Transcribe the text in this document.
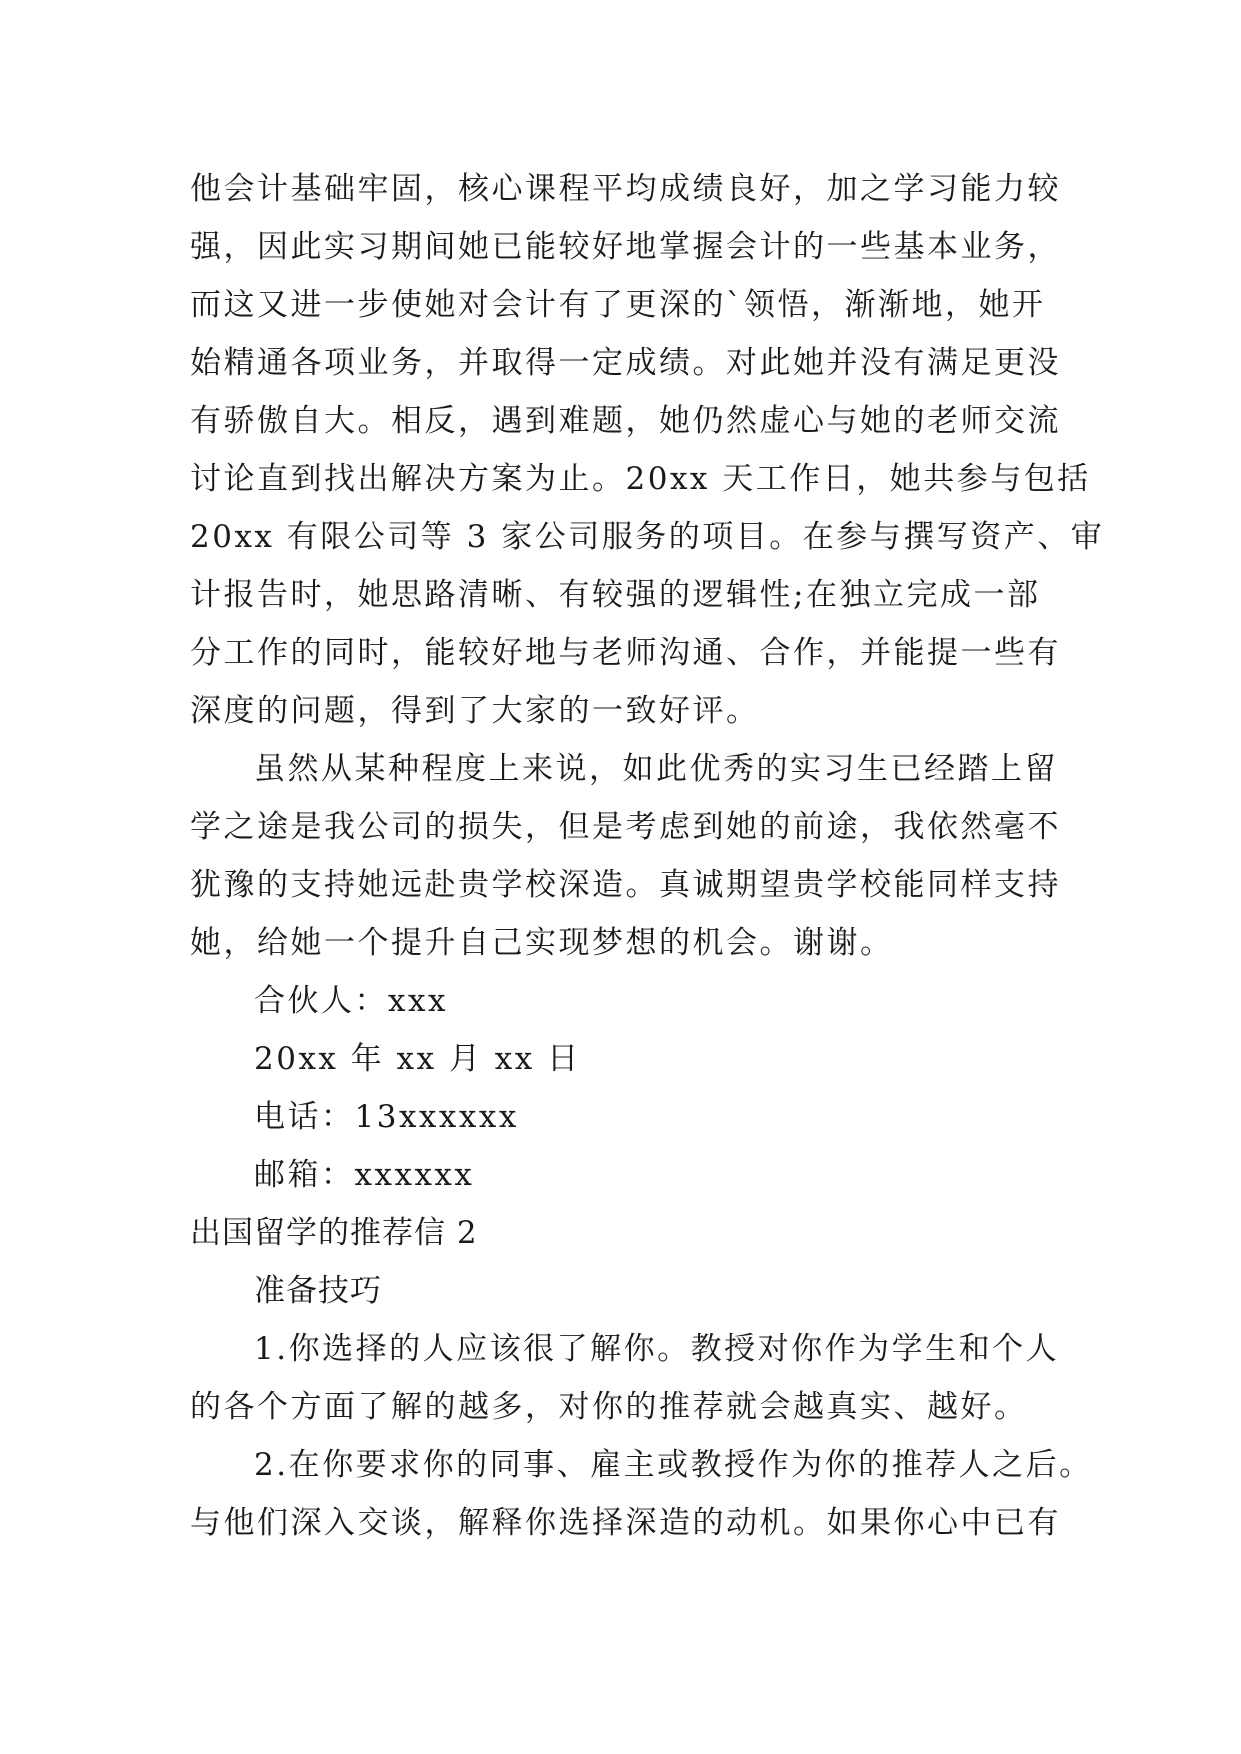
他会计基础牢固，核心课程平均成绩良好，加之学习能力较
强，因此实习期间她已能较好地掌握会计的一些基本业务，
而这又进一步使她对会计有了更深的`领悟，渐渐地，她开
始精通各项业务，并取得一定成绩。对此她并没有满足更没
有骄傲自大。相反，遇到难题，她仍然虚心与她的老师交流
讨论直到找出解决方案为止。20xx 天工作日，她共参与包括
20xx 有限公司等 3 家公司服务的项目。在参与撰写资产、审
计报告时，她思路清晰、有较强的逻辑性;在独立完成一部
分工作的同时，能较好地与老师沟通、合作，并能提一些有
深度的问题，得到了大家的一致好评。
虽然从某种程度上来说，如此优秀的实习生已经踏上留
学之途是我公司的损失，但是考虑到她的前途，我依然毫不
犹豫的支持她远赴贵学校深造。真诚期望贵学校能同样支持
她，给她一个提升自己实现梦想的机会。谢谢。
合伙人：xxx
20xx 年 xx 月 xx 日
电话：13xxxxxx
邮箱：xxxxxx
出国留学的推荐信 2
准备技巧
1.你选择的人应该很了解你。教授对你作为学生和个人
的各个方面了解的越多，对你的推荐就会越真实、越好。
2.在你要求你的同事、雇主或教授作为你的推荐人之后。
与他们深入交谈，解释你选择深造的动机。如果你心中已有
